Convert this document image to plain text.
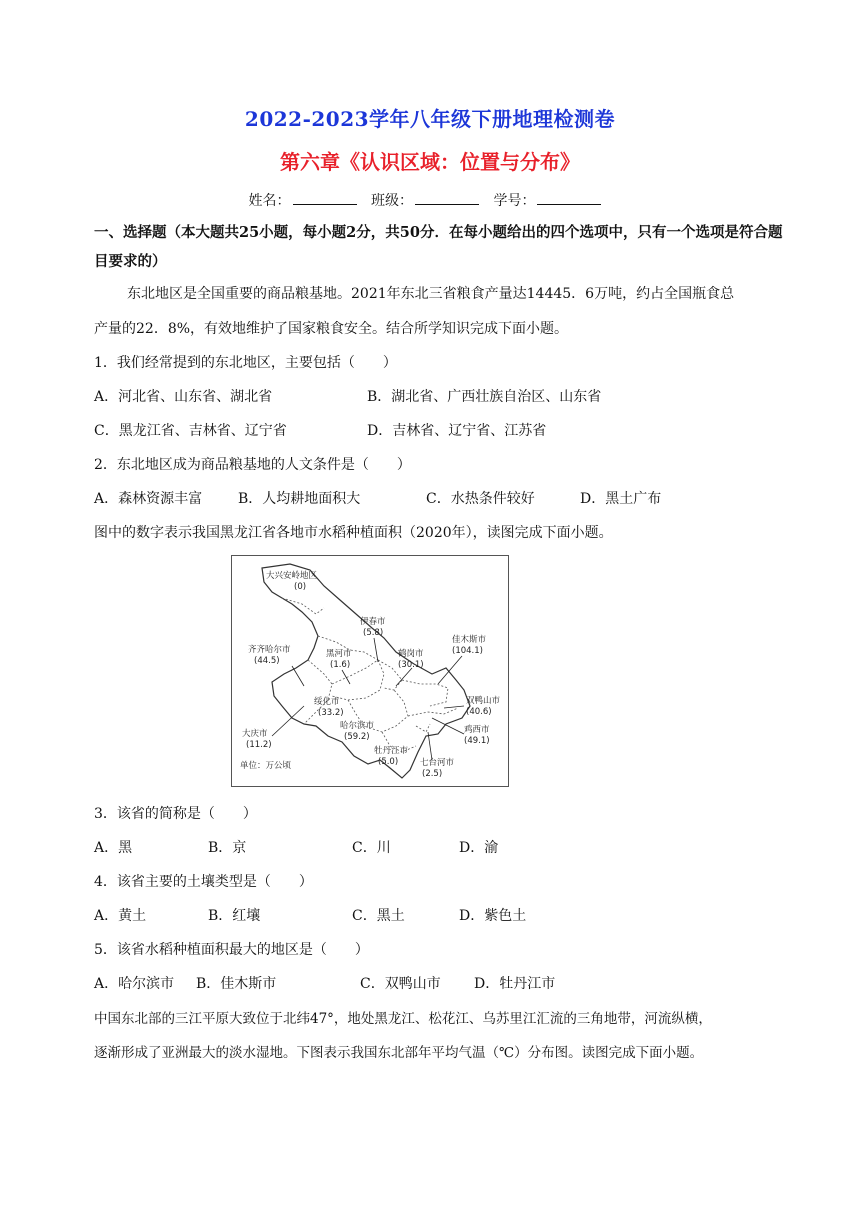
2022-2023学年八年级下册地理检测卷
第六章《认识区域：位置与分布》
姓名：	班级：	学号：
一、选择题（本大题共25小题，每小题2分，共50分．在每小题给出的四个选项中，只有一个选项是符合题目要求的）
东北地区是全国重要的商品粮基地。2021年东北三省粮食产量达14445．6万吨，约占全国瓶食总
产量的22．8%，有效地维护了国家粮食安全。结合所学知识完成下面小题。
1．我们经常提到的东北地区，主要包括（　　）
A．河北省、山东省、湖北省	B．湖北省、广西壮族自治区、山东省
C．黑龙江省、吉林省、辽宁省	D．吉林省、辽宁省、江苏省
2．东北地区成为商品粮基地的人文条件是（　　）
A．森林资源丰富	B．人均耕地面积大	C．水热条件较好	D．黑土广布
图中的数字表示我国黑龙江省各地市水稻种植面积（2020年），读图完成下面小题。
大兴安岭地区
(0)
伊春市
(5.8)
佳木斯市
(104.1)
齐齐哈尔市
(44.5)
黑河市
(1.6)
鹤岗市
(30.1)
双鸭山市
(40.6)
绥化市
(33.2)
大庆市
(11.2)
哈尔滨市
(59.2)
鸡西市
(49.1)
牡丹江市
(5.0)	七台河市
(2.5)
单位：万公顷
3．该省的简称是（　　）
A．黑	B．京	C．川	D．渝
4．该省主要的土壤类型是（　　）
A．黄土	B．红壤	C．黑土	D．紫色土
5．该省水稻种植面积最大的地区是（　　）
A．哈尔滨市 B．佳木斯市	C．双鸭山市 D．牡丹江市
中国东北部的三江平原大致位于北纬47°，地处黑龙江、松花江、乌苏里江汇流的三角地带，河流纵横，
逐渐形成了亚洲最大的淡水湿地。下图表示我国东北部年平均气温（℃）分布图。读图完成下面小题。
